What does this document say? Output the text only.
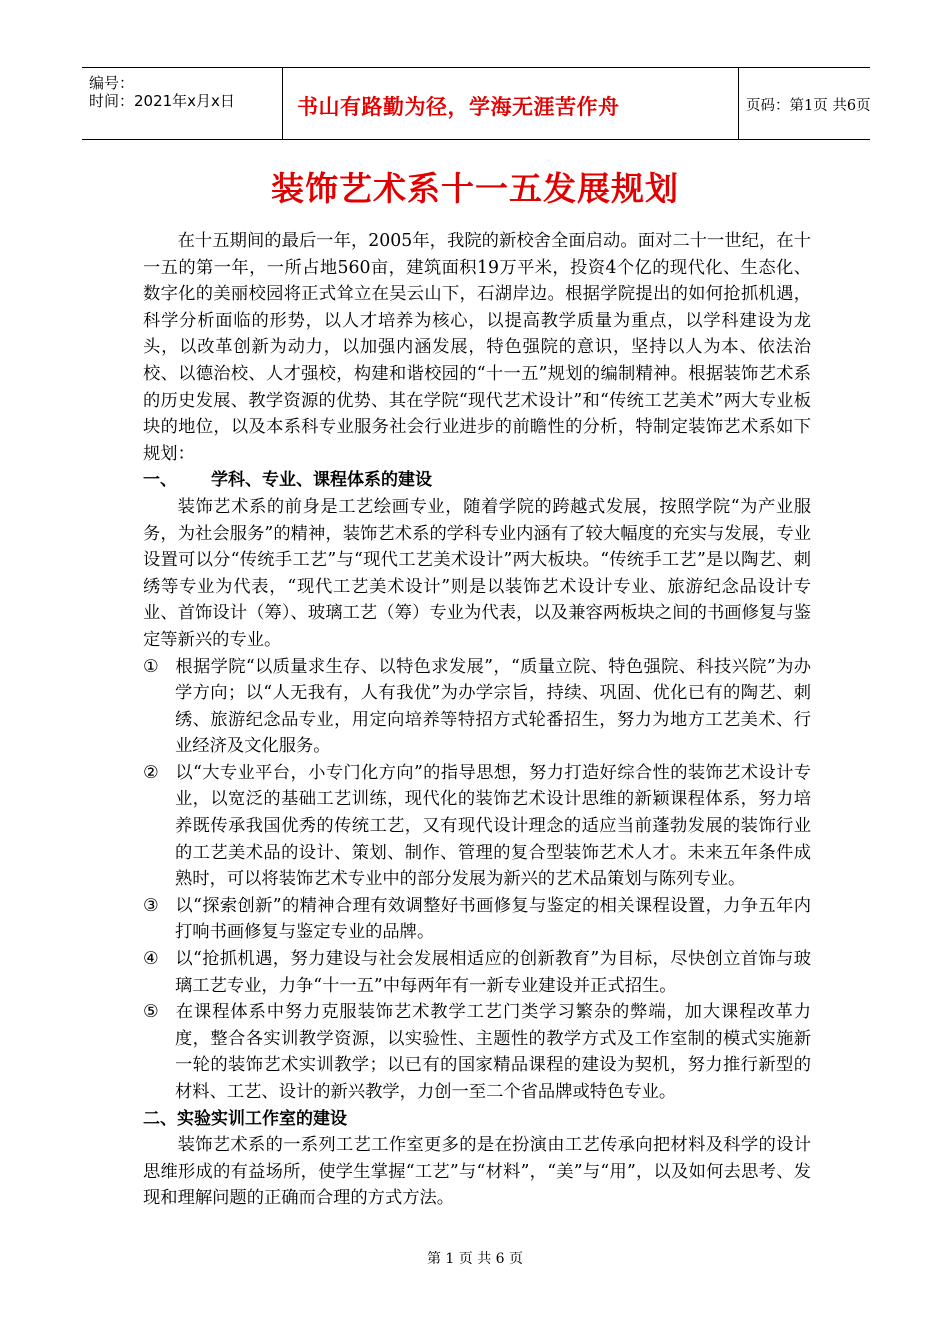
编号：
时间：2021年x月x日	书山有路勤为径，学海无涯苦作舟	页码：第1页 共6页
装饰艺术系十一五发展规划

在十五期间的最后一年，2005年，我院的新校舍全面启动。面对二十一世纪，在十一五的第一年，一所占地560亩，建筑面积19万平米，投资4个亿的现代化、生态化、数字化的美丽校园将正式耸立在吴云山下，石湖岸边。根据学院提出的如何抢抓机遇，科学分析面临的形势，以人才培养为核心，以提高教学质量为重点，以学科建设为龙头，以改革创新为动力，以加强内涵发展，特色强院的意识，坚持以人为本、依法治校、以德治校、人才强校，构建和谐校园的“十一五”规划的编制精神。根据装饰艺术系的历史发展、教学资源的优势、其在学院“现代艺术设计”和“传统工艺美术”两大专业板块的地位，以及本系科专业服务社会行业进步的前瞻性的分析，特制定装饰艺术系如下规划：

一、 学科、专业、课程体系的建设

装饰艺术系的前身是工艺绘画专业，随着学院的跨越式发展，按照学院“为产业服务，为社会服务”的精神，装饰艺术系的学科专业内涵有了较大幅度的充实与发展，专业设置可以分“传统手工艺”与“现代工艺美术设计”两大板块。“传统手工艺”是以陶艺、刺绣等专业为代表，“现代工艺美术设计”则是以装饰艺术设计专业、旅游纪念品设计专业、首饰设计（筹）、玻璃工艺（筹）专业为代表，以及兼容两板块之间的书画修复与鉴定等新兴的专业。

① 根据学院“以质量求生存、以特色求发展”，“质量立院、特色强院、科技兴院”为办学方向；以“人无我有，人有我优”为办学宗旨，持续、巩固、优化已有的陶艺、刺绣、旅游纪念品专业，用定向培养等特招方式轮番招生，努力为地方工艺美术、行业经济及文化服务。

② 以“大专业平台，小专门化方向”的指导思想，努力打造好综合性的装饰艺术设计专业，以宽泛的基础工艺训练，现代化的装饰艺术设计思维的新颖课程体系，努力培养既传承我国优秀的传统工艺，又有现代设计理念的适应当前蓬勃发展的装饰行业的工艺美术品的设计、策划、制作、管理的复合型装饰艺术人才。未来五年条件成熟时，可以将装饰艺术专业中的部分发展为新兴的艺术品策划与陈列专业。

③ 以“探索创新”的精神合理有效调整好书画修复与鉴定的相关课程设置，力争五年内打响书画修复与鉴定专业的品牌。

④ 以“抢抓机遇，努力建设与社会发展相适应的创新教育”为目标，尽快创立首饰与玻璃工艺专业，力争“十一五”中每两年有一新专业建设并正式招生。

⑤ 在课程体系中努力克服装饰艺术教学工艺门类学习繁杂的弊端，加大课程改革力度，整合各实训教学资源，以实验性、主题性的教学方式及工作室制的模式实施新一轮的装饰艺术实训教学；以已有的国家精品课程的建设为契机，努力推行新型的材料、工艺、设计的新兴教学，力创一至二个省品牌或特色专业。

二、实验实训工作室的建设

装饰艺术系的一系列工艺工作室更多的是在扮演由工艺传承向把材料及科学的设计思维形成的有益场所，使学生掌握“工艺”与“材料”，“美”与“用”，以及如何去思考、发现和理解问题的正确而合理的方式方法。

第 1 页 共 6 页
